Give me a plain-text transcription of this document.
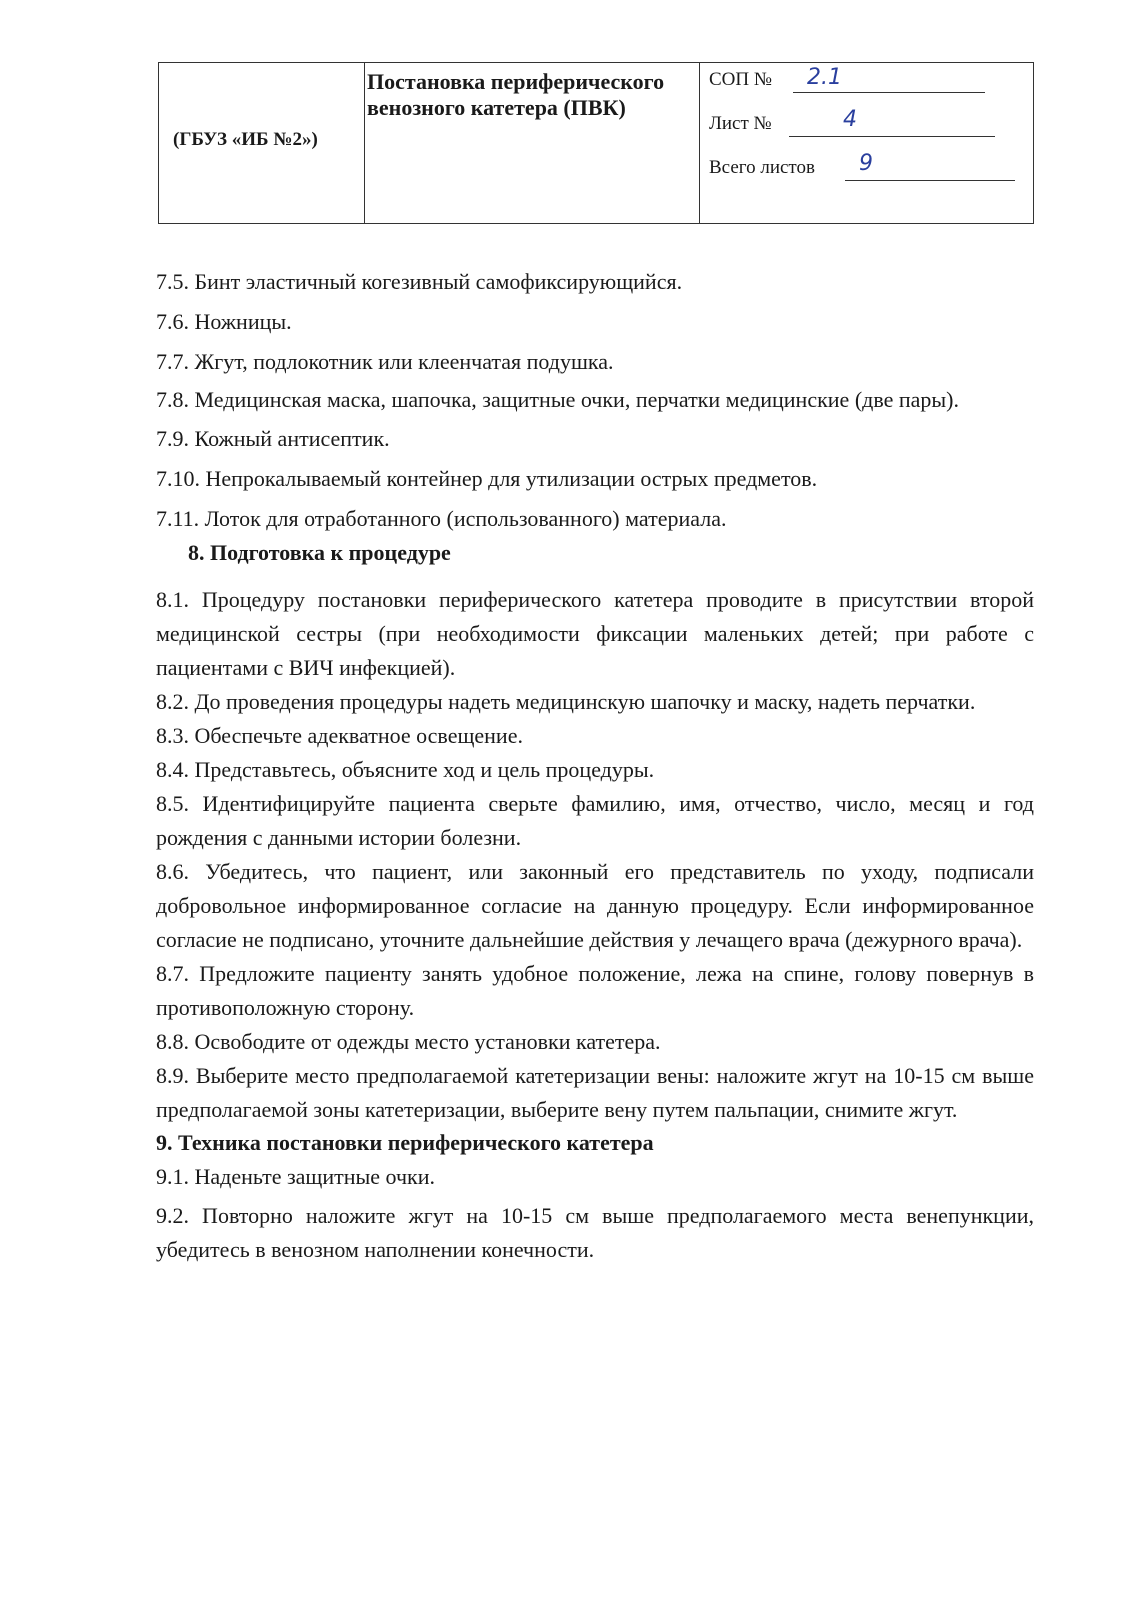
(ГБУЗ «ИБ №2»)
Постановка периферического венозного катетера (ПВК)
СОП № 2.1
Лист №	4
Всего листов 9

7.5. Бинт эластичный когезивный самофиксирующийся.

7.6. Ножницы.

7.7. Жгут, подлокотник или клеенчатая подушка.

7.8. Медицинская маска, шапочка, защитные очки, перчатки медицинские (две пары).

7.9. Кожный антисептик.

7.10. Непрокалываемый контейнер для утилизации острых предметов.

7.11. Лоток для отработанного (использованного) материала.

8. Подготовка к процедуре

8.1. Процедуру постановки периферического катетера проводите в присутствии второй медицинской сестры (при необходимости фиксации маленьких детей; при работе с пациентами с ВИЧ инфекцией).

8.2. До проведения процедуры надеть медицинскую шапочку и маску, надеть перчатки.

8.3. Обеспечьте адекватное освещение.

8.4. Представьтесь, объясните ход и цель процедуры.

8.5. Идентифицируйте пациента сверьте фамилию, имя, отчество, число, месяц и год рождения с данными истории болезни.

8.6. Убедитесь, что пациент, или законный его представитель по уходу, подписали добровольное информированное согласие на данную процедуру. Если информированное согласие не подписано, уточните дальнейшие действия у лечащего врача (дежурного врача).

8.7. Предложите пациенту занять удобное положение, лежа на спине, голову повернув в противоположную сторону.

8.8. Освободите от одежды место установки катетера.

8.9. Выберите место предполагаемой катетеризации вены: наложите жгут на 10-15 см выше предполагаемой зоны катетеризации, выберите вену путем пальпации, снимите жгут.

9. Техника постановки периферического катетера

9.1. Наденьте защитные очки.

9.2. Повторно наложите жгут на 10-15 см выше предполагаемого места венепункции, убедитесь в венозном наполнении конечности.
